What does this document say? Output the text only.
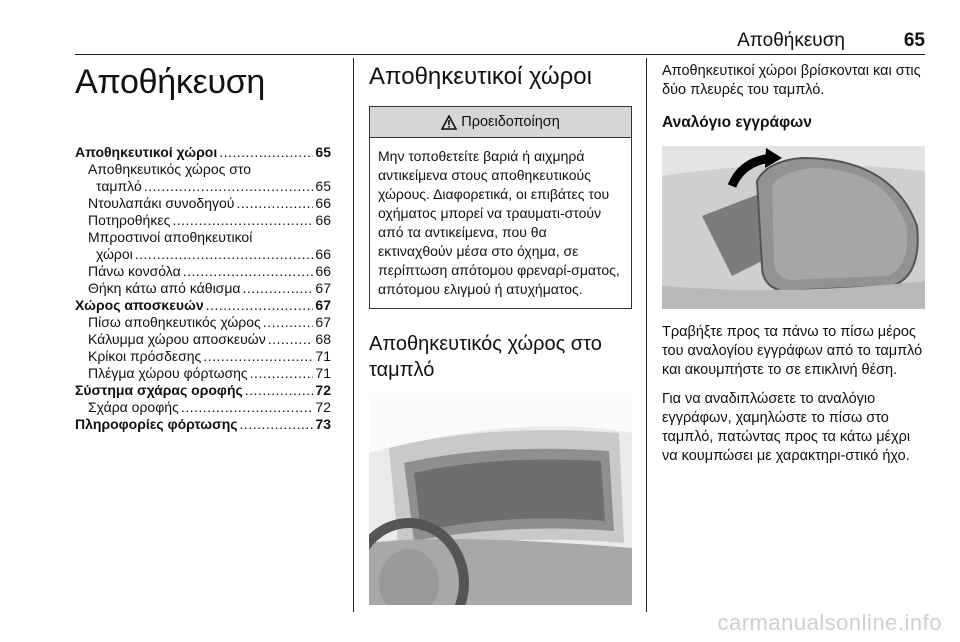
Αποθήκευση	65
Αποθήκευση
Αποθηκευτικοί χώροι .....	65
Αποθηκευτικός χώρος στο
ταμπλό .....	65
Ντουλαπάκι συνοδηγού .....	66
Ποτηροθήκες .....	66
Μπροστινοί αποθηκευτικοί
χώροι .....	66
Πάνω κονσόλα .....	66
Θήκη κάτω από κάθισμα .....	67
Χώρος αποσκευών .....	67
Πίσω αποθηκευτικός χώρος .....	67
Κάλυμμα χώρου αποσκευών .....	68
Κρίκοι πρόσδεσης .....	71
Πλέγμα χώρου φόρτωσης .....	71
Σύστημα σχάρας οροφής .....	72
Σχάρα οροφής .....	72
Πληροφορίες φόρτωσης .....	73
Αποθηκευτικοί χώροι
Προειδοποίηση
Μην τοποθετείτε βαριά ή αιχμηρά αντικείμενα στους αποθηκευτικούς χώρους. Διαφορετικά, οι επιβάτες του οχήματος μπορεί να τραυματι-στούν από τα αντικείμενα, που θα εκτιναχθούν μέσα στο όχημα, σε περίπτωση απότομου φρεναρί-σματος, απότομου ελιγμού ή ατυχήματος.
Αποθηκευτικός χώρος στο ταμπλό

Αποθηκευτικοί χώροι βρίσκονται και στις δύο πλευρές του ταμπλό.

Αναλόγιο εγγράφων

Τραβήξτε προς τα πάνω το πίσω μέρος του αναλογίου εγγράφων από το ταμπλό και ακουμπήστε το σε επικλινή θέση.

Για να αναδιπλώσετε το αναλόγιο εγγράφων, χαμηλώστε το πίσω στο ταμπλό, πατώντας προς τα κάτω μέχρι να κουμπώσει με χαρακτηρι-στικό ήχο.

carmanualsonline.info
